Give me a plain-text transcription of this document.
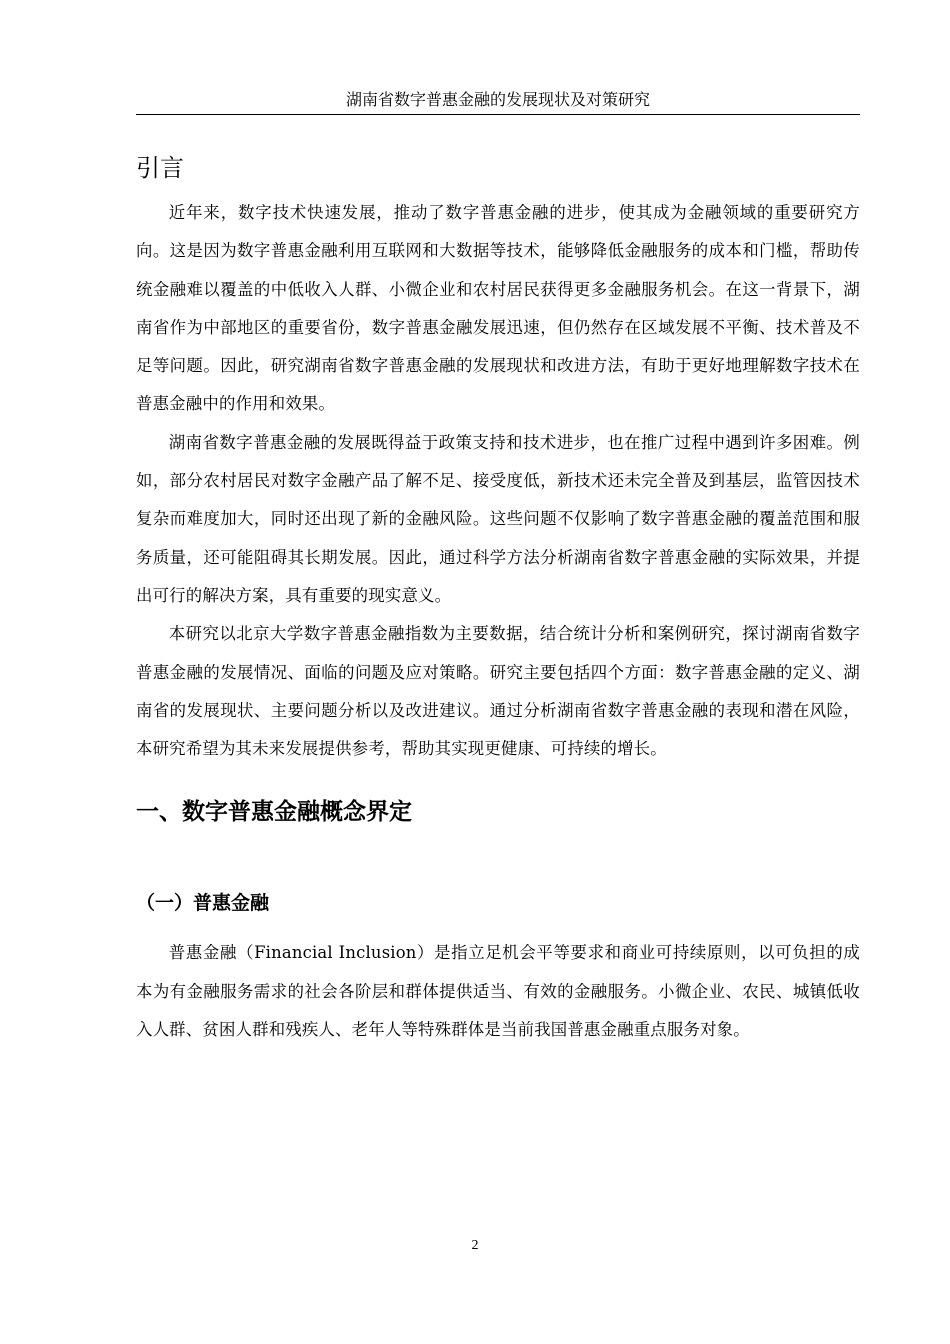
湖南省数字普惠金融的发展现状及对策研究
引言

近年来，数字技术快速发展，推动了数字普惠金融的进步，使其成为金融领域的重要研究方向。这是因为数字普惠金融利用互联网和大数据等技术，能够降低金融服务的成本和门槛，帮助传统金融难以覆盖的中低收入人群、小微企业和农村居民获得更多金融服务机会。在这一背景下，湖南省作为中部地区的重要省份，数字普惠金融发展迅速，但仍然存在区域发展不平衡、技术普及不足等问题。因此，研究湖南省数字普惠金融的发展现状和改进方法，有助于更好地理解数字技术在普惠金融中的作用和效果。

湖南省数字普惠金融的发展既得益于政策支持和技术进步，也在推广过程中遇到许多困难。例如，部分农村居民对数字金融产品了解不足、接受度低，新技术还未完全普及到基层，监管因技术复杂而难度加大，同时还出现了新的金融风险。这些问题不仅影响了数字普惠金融的覆盖范围和服务质量，还可能阻碍其长期发展。因此，通过科学方法分析湖南省数字普惠金融的实际效果，并提出可行的解决方案，具有重要的现实意义。

本研究以北京大学数字普惠金融指数为主要数据，结合统计分析和案例研究，探讨湖南省数字普惠金融的发展情况、面临的问题及应对策略。研究主要包括四个方面：数字普惠金融的定义、湖南省的发展现状、主要问题分析以及改进建议。通过分析湖南省数字普惠金融的表现和潜在风险，本研究希望为其未来发展提供参考，帮助其实现更健康、可持续的增长。

一、数字普惠金融概念界定
（一）普惠金融

普惠金融（Financial Inclusion）是指立足机会平等要求和商业可持续原则，以可负担的成本为有金融服务需求的社会各阶层和群体提供适当、有效的金融服务。小微企业、农民、城镇低收入人群、贫困人群和残疾人、老年人等特殊群体是当前我国普惠金融重点服务对象。

2
